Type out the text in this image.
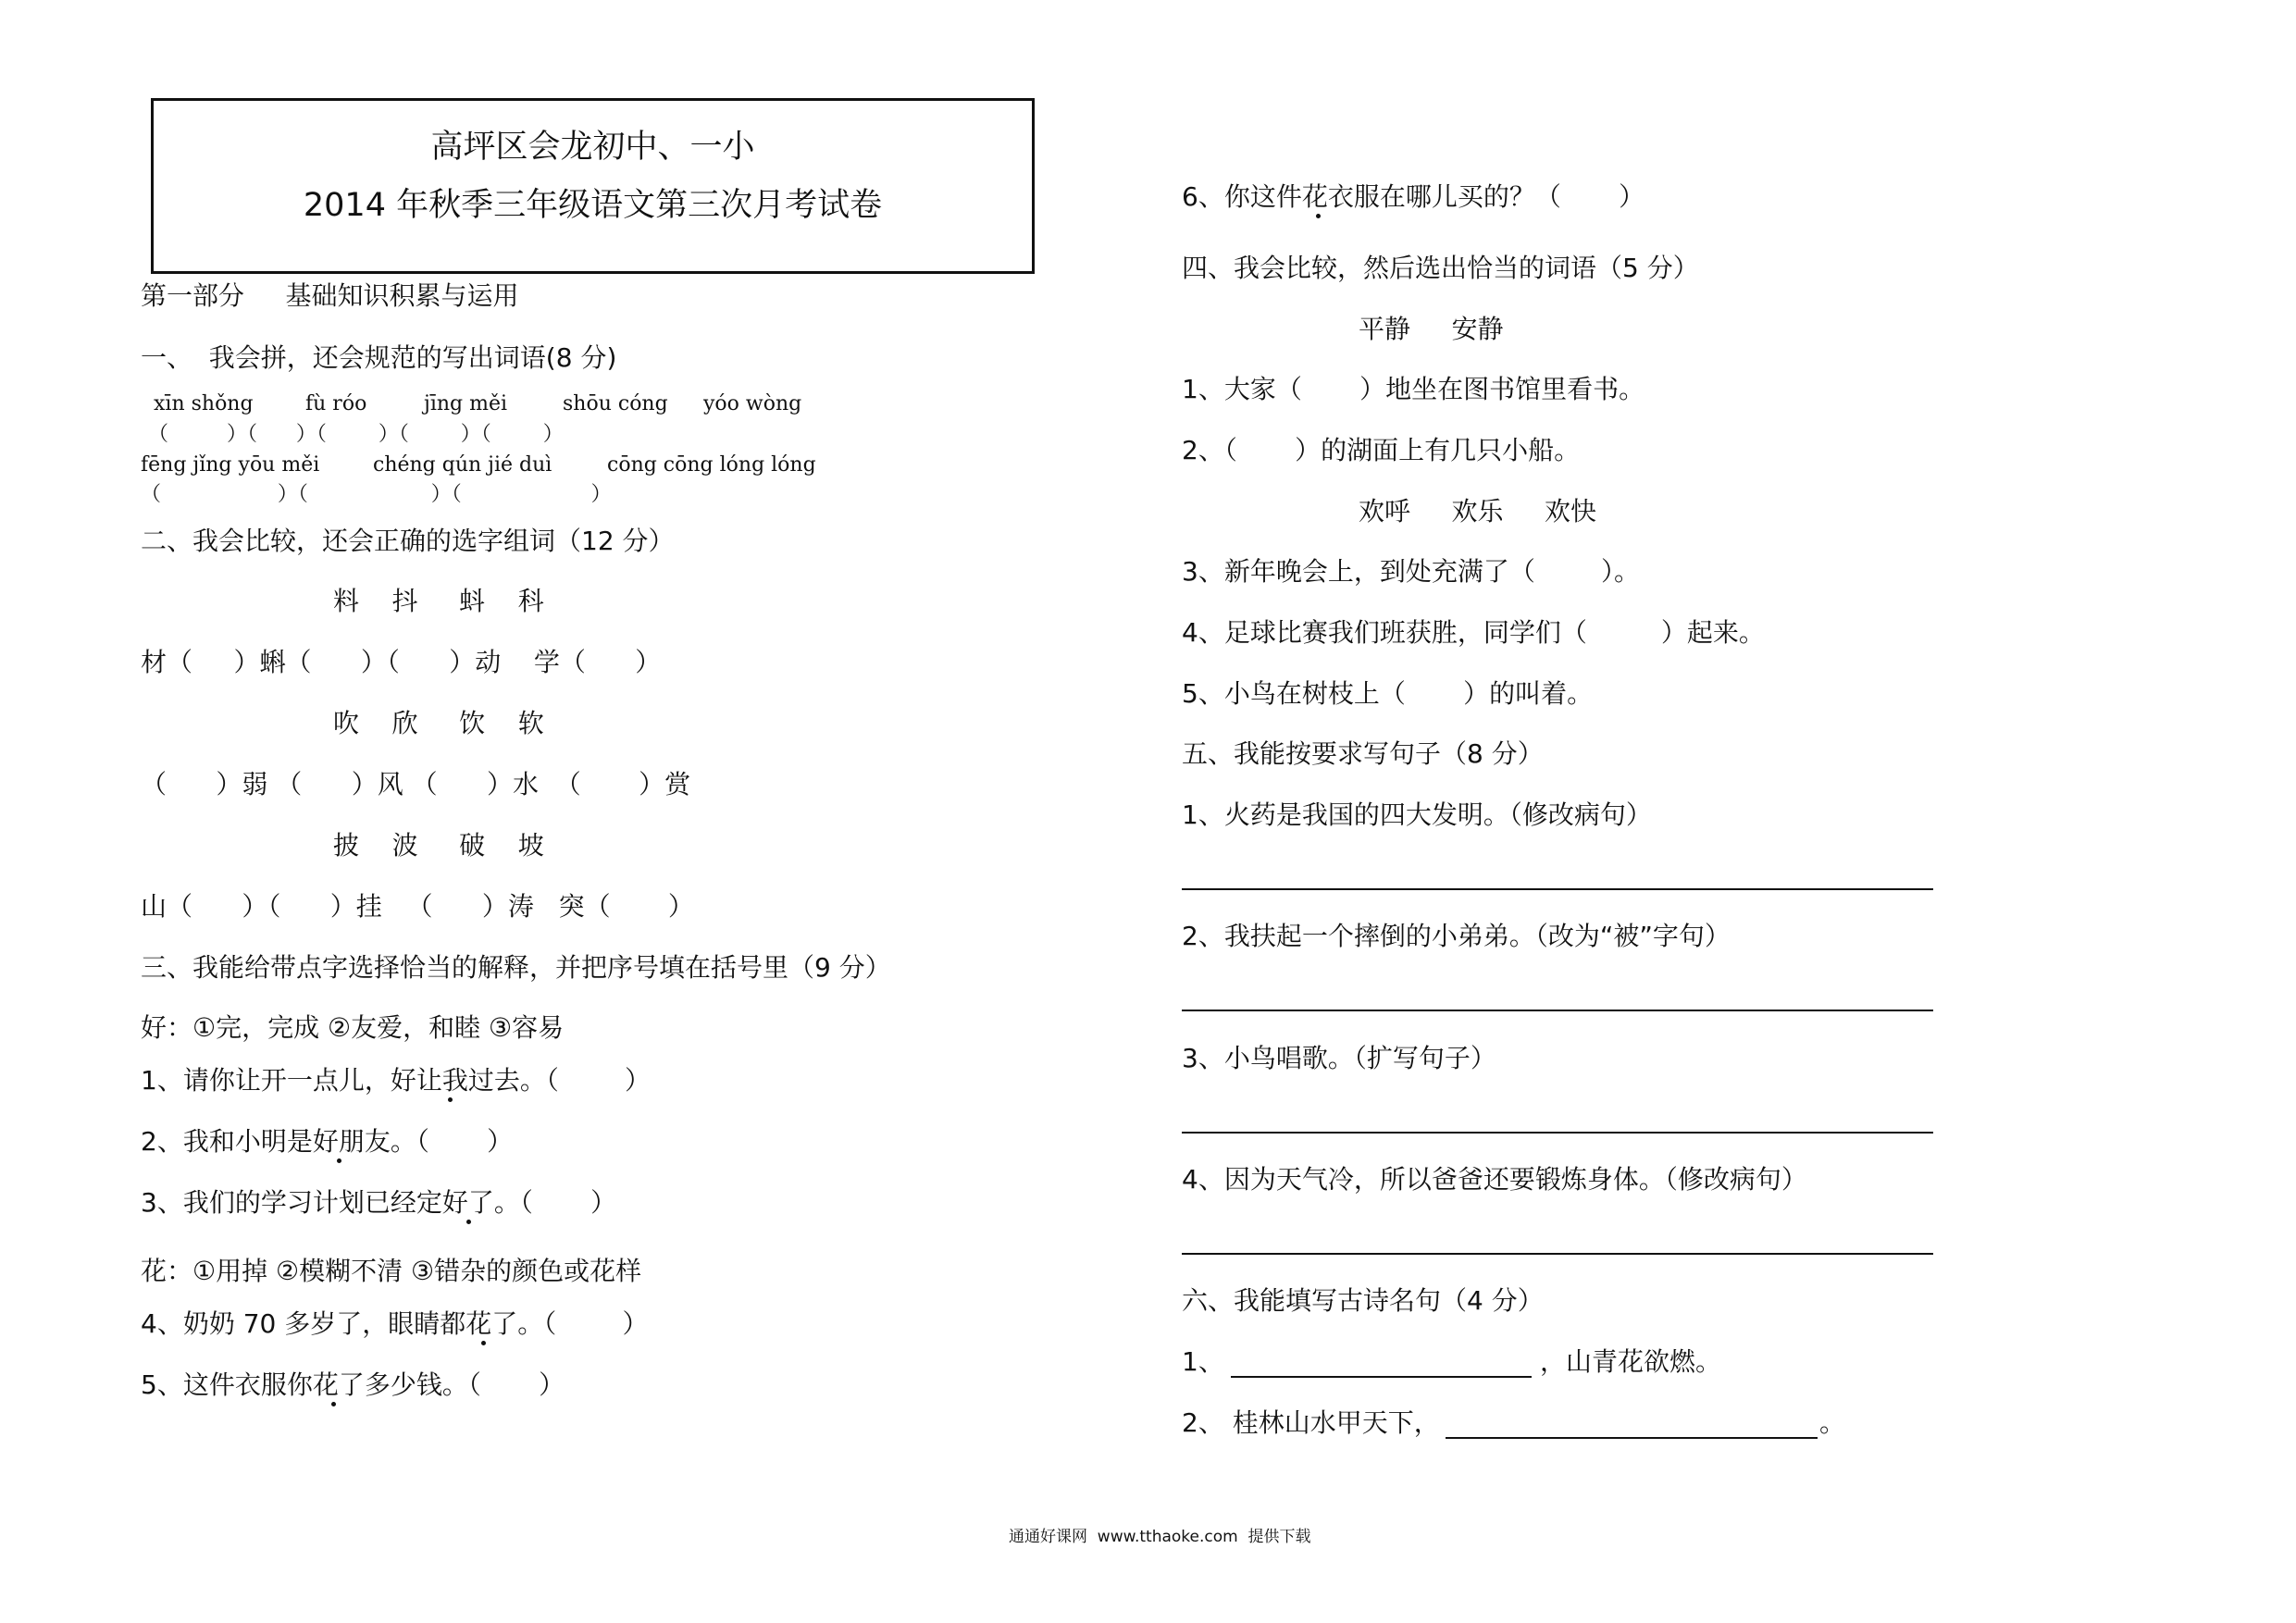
高坪区会龙初中、一小
2014 年秋季三年级语文第三次月考试卷
第一部分     基础知识积累与运用
一、  我会拼，还会规范的写出词语(8 分)
xīn shǒng	fù róo	jīng měi	shōu cóng yóo wòng
（         ）（      ）（        ）（        ）（        ）
fēng jǐng yōu měi	chéng qún jié duì	cōng cōng lóng lóng
（                  ）（                   ）（                    ）
二、我会比较，还会正确的选字组词（12 分）
料    抖     蚪    科
材（     ）蝌（      ）（      ）动    学（      ）
吹    欣     饮    软
（      ）弱 （      ）风 （      ）水  （       ）赏
披    波     破    坡
山（      ）（      ）挂   （      ）涛   突（       ）
三、我能给带点字选择恰当的解释，并把序号填在括号里（9 分）
好：①完，完成 ②友爱，和睦 ③容易
1、请你让开一点儿，好让我过去。（        ）
2、我和小明是好朋友。（       ）
3、我们的学习计划已经定好了。（       ）
花：①用掉 ②模糊不清 ③错杂的颜色或花样
4、奶奶 70 多岁了，眼睛都花了。（        ）
5、这件衣服你花了多少钱。（       ）
6、你这件花衣服在哪儿买的？（       ）
四、我会比较，然后选出恰当的词语（5 分）
平静     安静
1、大家（       ）地坐在图书馆里看书。
2、（       ）的湖面上有几只小船。
欢呼     欢乐     欢快
3、新年晚会上，到处充满了（        ）。
4、足球比赛我们班获胜，同学们（         ）起来。
5、小鸟在树枝上（       ）的叫着。
五、我能按要求写句子（8 分）
1、火药是我国的四大发明。（修改病句）
2、我扶起一个摔倒的小弟弟。（改为“被”字句）
3、小鸟唱歌。（扩写句子）
4、因为天气冷，所以爸爸还要锻炼身体。（修改病句）
六、我能填写古诗名句（4 分）
1、	，山青花欲燃。
2、 桂林山水甲天下，	。
通通好课网  www.tthaoke.com  提供下载
